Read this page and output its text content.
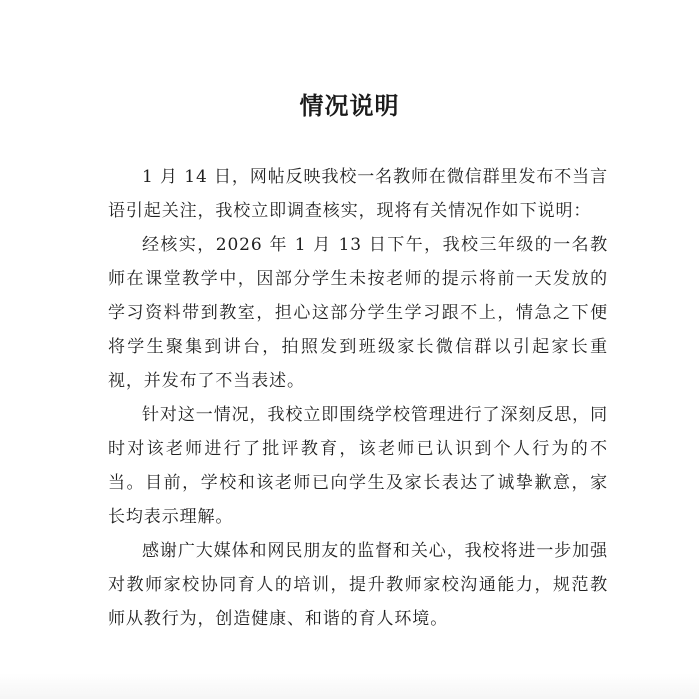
情况说明

1 月 14 日，网帖反映我校一名教师在微信群里发布不当言语引起关注，我校立即调查核实，现将有关情况作如下说明：

经核实，2026 年 1 月 13 日下午，我校三年级的一名教师在课堂教学中，因部分学生未按老师的提示将前一天发放的学习资料带到教室，担心这部分学生学习跟不上，情急之下便将学生聚集到讲台，拍照发到班级家长微信群以引起家长重视，并发布了不当表述。

针对这一情况，我校立即围绕学校管理进行了深刻反思，同时对该老师进行了批评教育，该老师已认识到个人行为的不当。目前，学校和该老师已向学生及家长表达了诚挚歉意，家长均表示理解。

感谢广大媒体和网民朋友的监督和关心，我校将进一步加强对教师家校协同育人的培训，提升教师家校沟通能力，规范教师从教行为，创造健康、和谐的育人环境。
